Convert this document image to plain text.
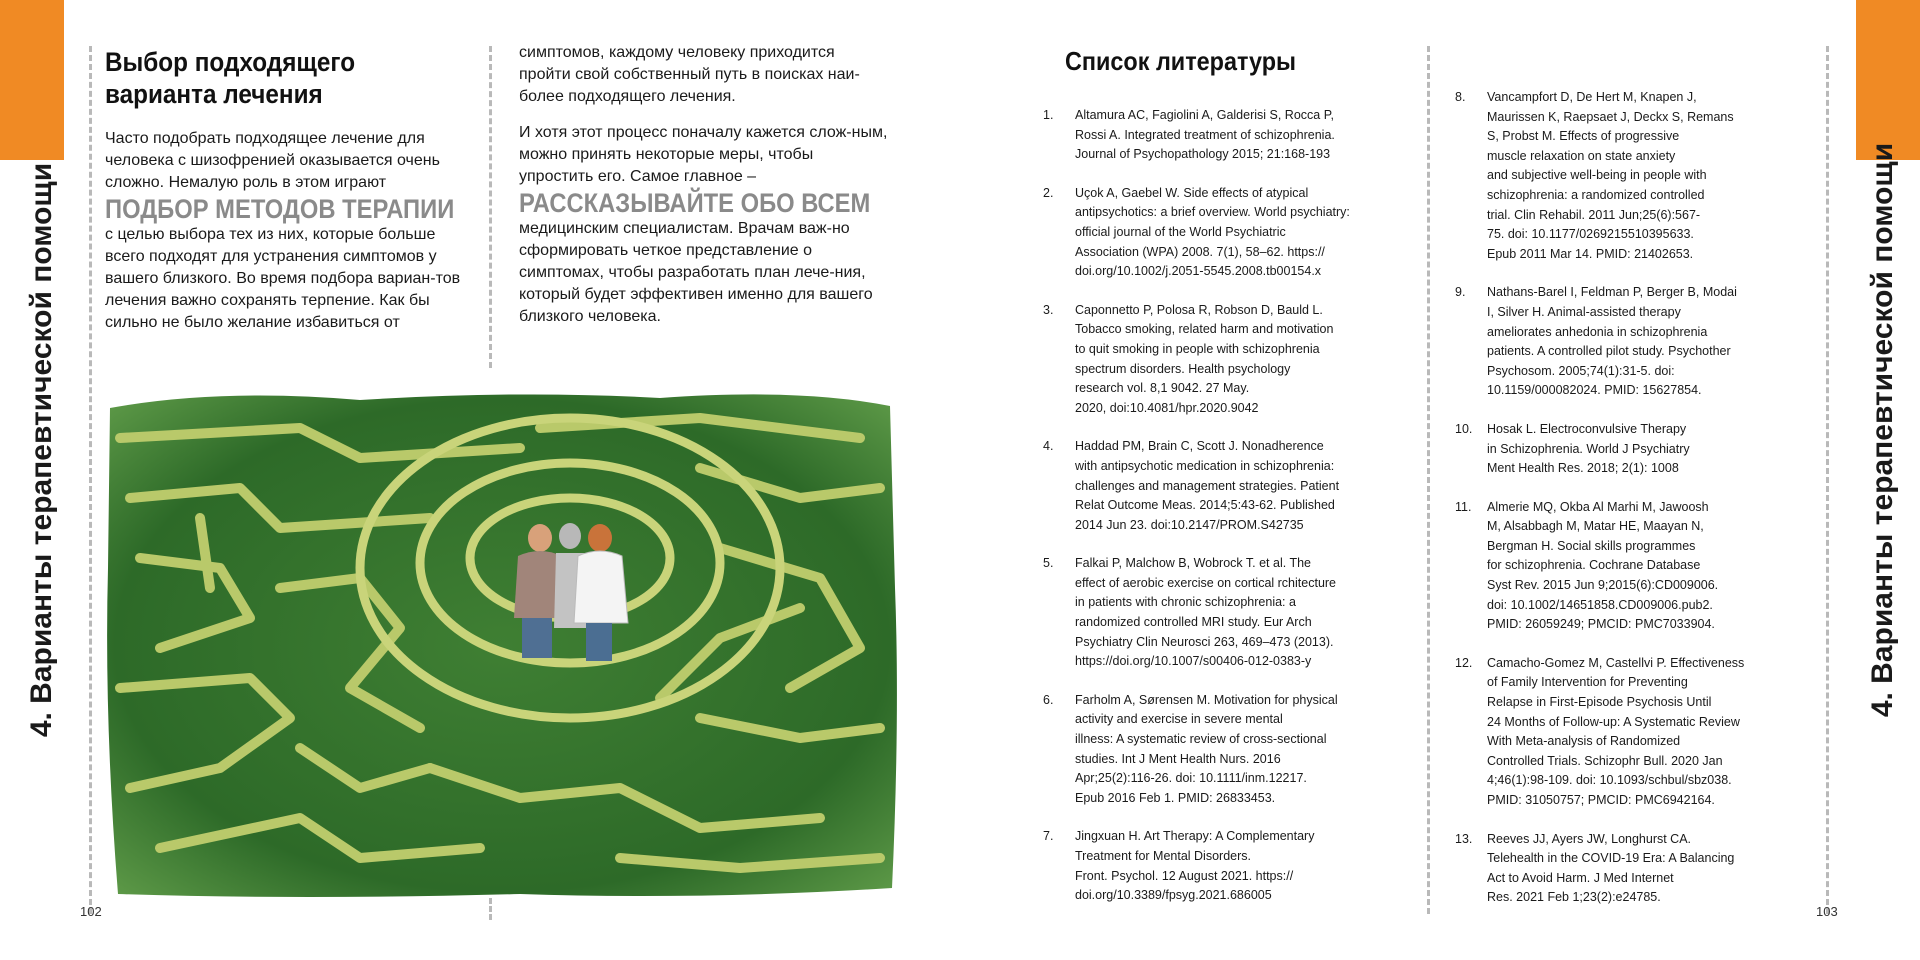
4. Варианты терапевтической помощи
Выбор подходящего
варианта лечения

Часто подобрать подходящее лечение для человека с шизофренией оказывается очень сложно. Немалую роль в этом играют
ПОДБОР МЕТОДОВ ТЕРАПИИ
с целью выбора тех из них, которые больше всего подходят для устранения симптомов у вашего близкого. Во время подбора вариан-тов лечения важно сохранять терпение. Как бы сильно не было желание избавиться от

симптомов, каждому человеку приходится пройти свой собственный путь в поисках наи-более подходящего лечения.

И хотя этот процесс поначалу кажется слож-ным, можно принять некоторые меры, чтобы упростить его. Самое главное –
РАССКАЗЫВАЙТЕ ОБО ВСЕМ
медицинским специалистам. Врачам важ-но сформировать четкое представление о симптомах, чтобы разработать план лече-ния, который будет эффективен именно для вашего близкого человека.

102
4. Варианты терапевтической помощи
Список литературы
1. Altamura AC, Fagiolini A, Galderisi S, Rocca P,
Rossi A. Integrated treatment of schizophrenia.
Journal of Psychopathology 2015; 21:168-193
2. Uçok A, Gaebel W. Side effects of atypical
antipsychotics: a brief overview. World psychiatry:
official journal of the World Psychiatric
Association (WPA) 2008. 7(1), 58–62. https://
doi.org/10.1002/j.2051-5545.2008.tb00154.x
3. Caponnetto P, Polosa R, Robson D, Bauld L.
Tobacco smoking, related harm and motivation
to quit smoking in people with schizophrenia
spectrum disorders. Health psychology
research vol. 8,1 9042. 27 May.
2020, doi:10.4081/hpr.2020.9042
4. Haddad PM, Brain C, Scott J. Nonadherence
with antipsychotic medication in schizophrenia:
challenges and management strategies. Patient
Relat Outcome Meas. 2014;5:43-62. Published
2014 Jun 23. doi:10.2147/PROM.S42735
5. Falkai P, Malchow B, Wobrock T. et al. The
effect of aerobic exercise on cortical rchitecture
in patients with chronic schizophrenia: a
randomized controlled MRI study. Eur Arch
Psychiatry Clin Neurosci 263, 469–473 (2013).
https://doi.org/10.1007/s00406-012-0383-y
6. Farholm A, Sørensen M. Motivation for physical
activity and exercise in severe mental
illness: A systematic review of cross-sectional
studies. Int J Ment Health Nurs. 2016
Apr;25(2):116-26. doi: 10.1111/inm.12217.
Epub 2016 Feb 1. PMID: 26833453.
7. Jingxuan H. Art Therapy: A Complementary
Treatment for Mental Disorders.
Front. Psychol. 12 August 2021. https://
doi.org/10.3389/fpsyg.2021.686005
8. Vancampfort D, De Hert M, Knapen J,
Maurissen K, Raepsaet J, Deckx S, Remans
S, Probst M. Effects of progressive
muscle relaxation on state anxiety
and subjective well-being in people with
schizophrenia: a randomized controlled
trial. Clin Rehabil. 2011 Jun;25(6):567-
75. doi: 10.1177/0269215510395633.
Epub 2011 Mar 14. PMID: 21402653.
9. Nathans-Barel I, Feldman P, Berger B, Modai
I, Silver H. Animal-assisted therapy
ameliorates anhedonia in schizophrenia
patients. A controlled pilot study. Psychother
Psychosom. 2005;74(1):31-5. doi:
10.1159/000082024. PMID: 15627854.
10. Hosak L. Electroconvulsive Therapy
in Schizophrenia. World J Psychiatry
Ment Health Res. 2018; 2(1): 1008
11. Almerie MQ, Okba Al Marhi M, Jawoosh
M, Alsabbagh M, Matar HE, Maayan N,
Bergman H. Social skills programmes
for schizophrenia. Cochrane Database
Syst Rev. 2015 Jun 9;2015(6):CD009006.
doi: 10.1002/14651858.CD009006.pub2.
PMID: 26059249; PMCID: PMC7033904.
12. Camacho-Gomez M, Castellvi P. Effectiveness
of Family Intervention for Preventing
Relapse in First-Episode Psychosis Until
24 Months of Follow-up: A Systematic Review
With Meta-analysis of Randomized
Controlled Trials. Schizophr Bull. 2020 Jan
4;46(1):98-109. doi: 10.1093/schbul/sbz038.
PMID: 31050757; PMCID: PMC6942164.
13. Reeves JJ, Ayers JW, Longhurst CA.
Telehealth in the COVID-19 Era: A Balancing
Act to Avoid Harm. J Med Internet
Res. 2021 Feb 1;23(2):e24785.
103
